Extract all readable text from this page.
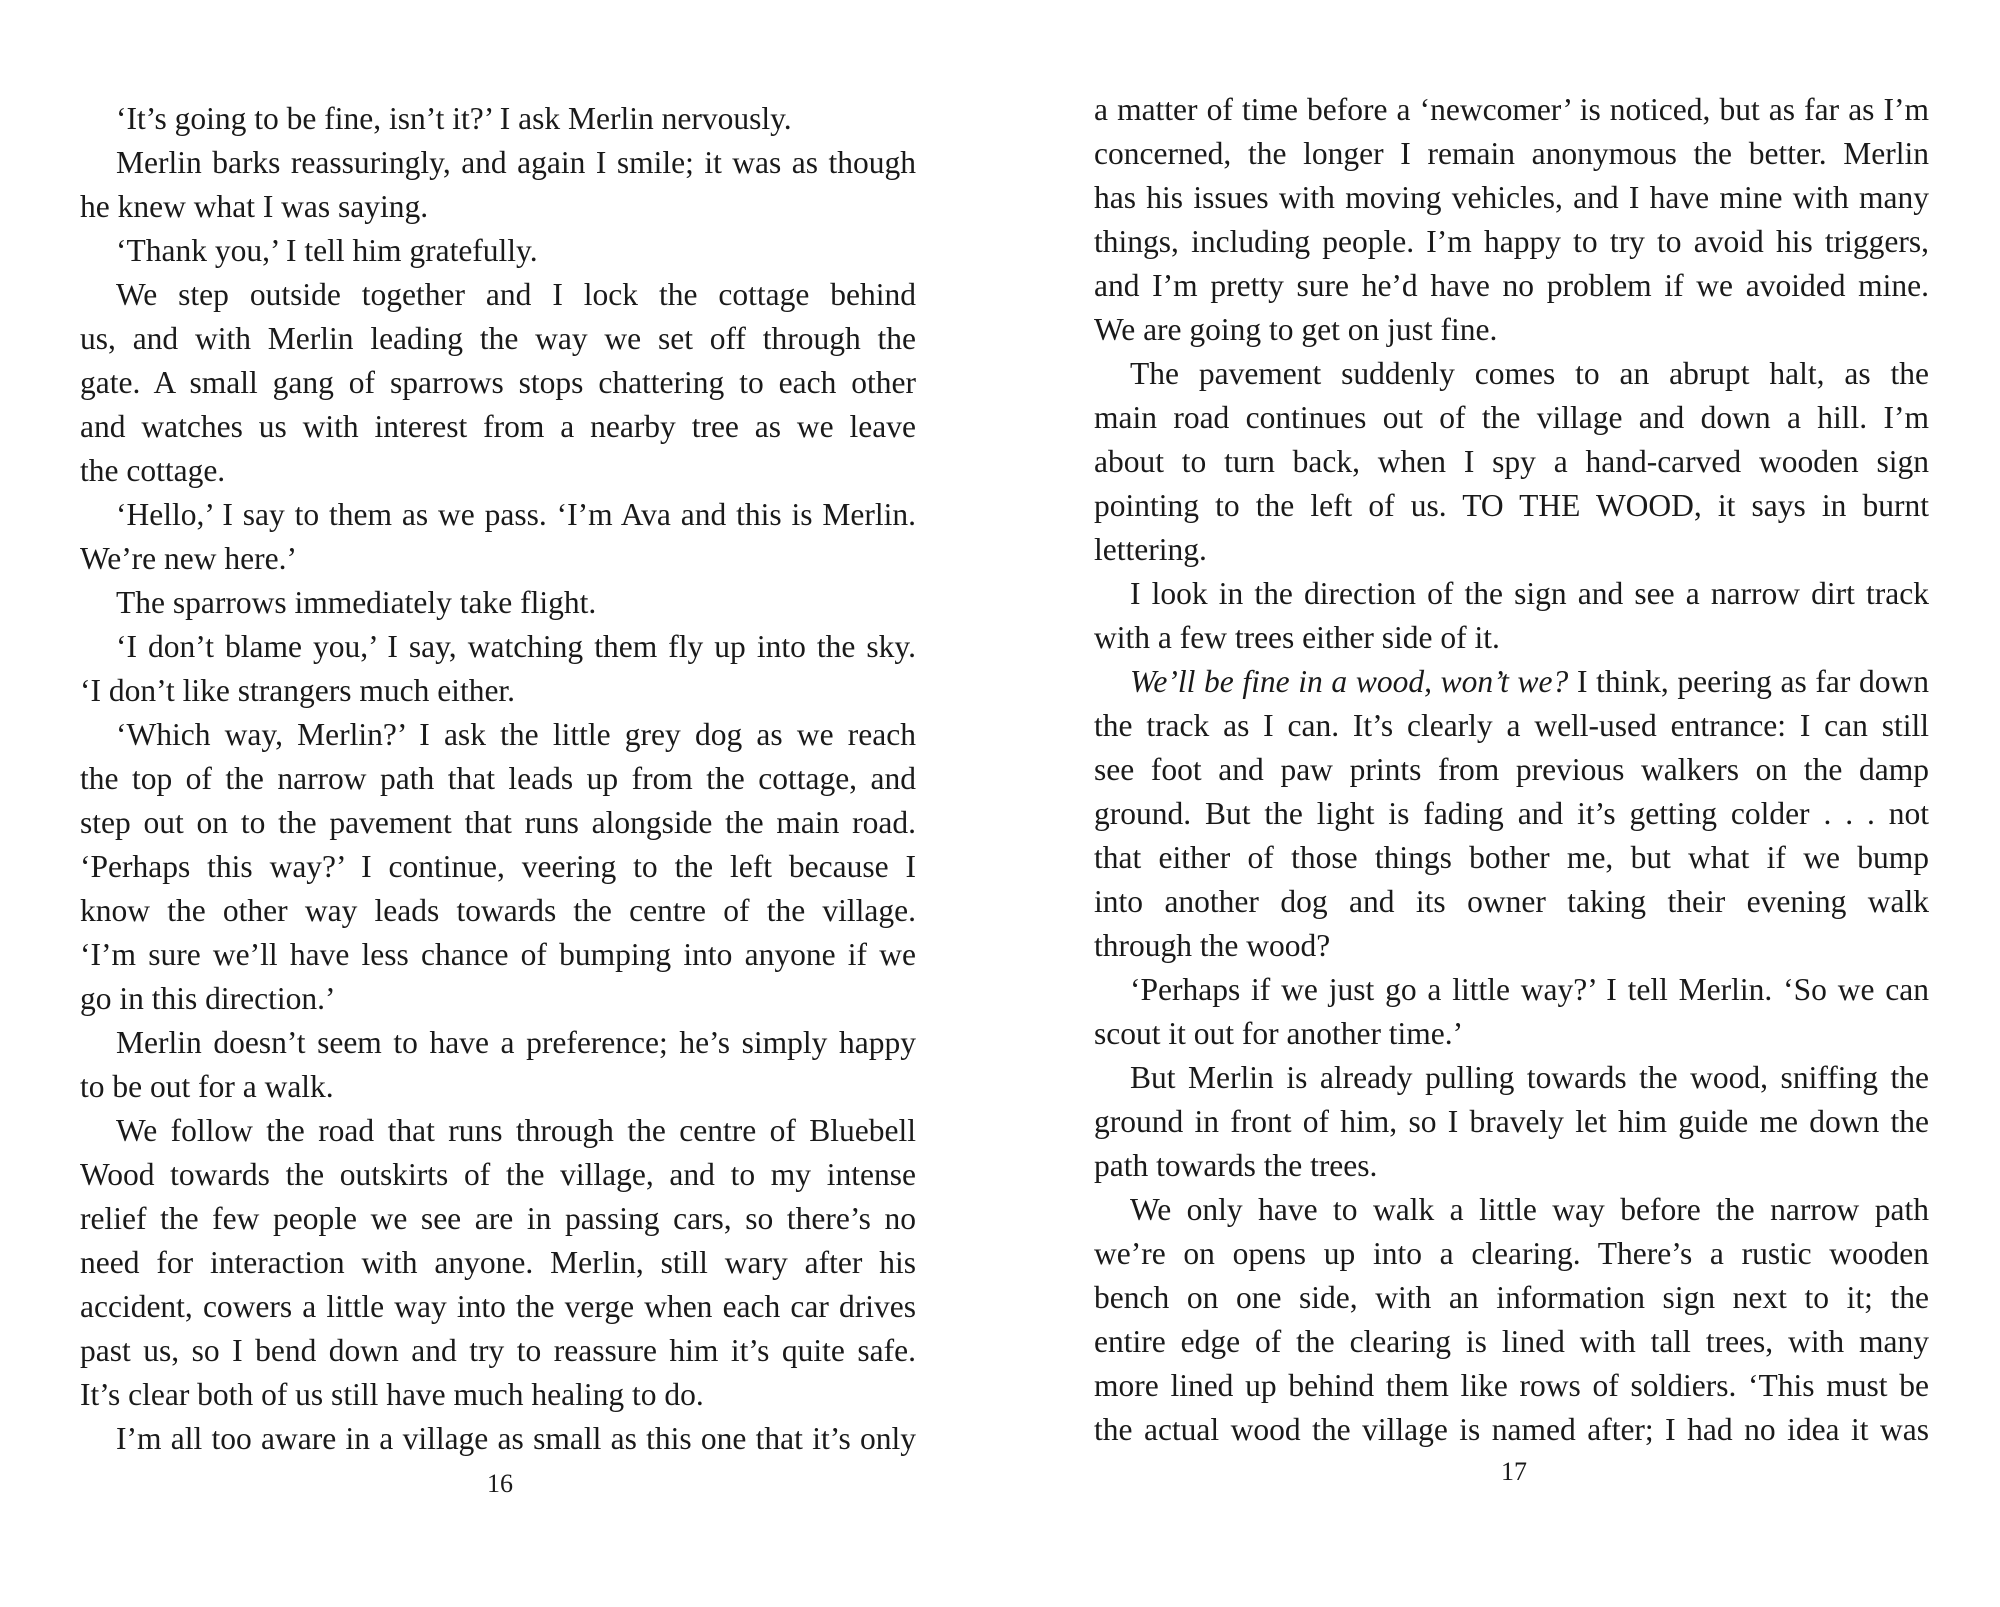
‘It’s going to be fine, isn’t it?’ I ask Merlin nervously.
Merlin barks reassuringly, and again I smile; it was as though
he knew what I was saying.
‘Thank you,’ I tell him gratefully.
We step outside together and I lock the cottage behind
us, and with Merlin leading the way we set off through the
gate. A small gang of sparrows stops chattering to each other
and watches us with interest from a nearby tree as we leave
the cottage.
‘Hello,’ I say to them as we pass. ‘I’m Ava and this is Merlin.
We’re new here.’
The sparrows immediately take flight.
‘I don’t blame you,’ I say, watching them fly up into the sky.
‘I don’t like strangers much either.
‘Which way, Merlin?’ I ask the little grey dog as we reach
the top of the narrow path that leads up from the cottage, and
step out on to the pavement that runs alongside the main road.
‘Perhaps this way?’ I continue, veering to the left because I
know the other way leads towards the centre of the village.
‘I’m sure we’ll have less chance of bumping into anyone if we
go in this direction.’
Merlin doesn’t seem to have a preference; he’s simply happy
to be out for a walk.
We follow the road that runs through the centre of Bluebell
Wood towards the outskirts of the village, and to my intense
relief the few people we see are in passing cars, so there’s no
need for interaction with anyone. Merlin, still wary after his
accident, cowers a little way into the verge when each car drives
past us, so I bend down and try to reassure him it’s quite safe.
It’s clear both of us still have much healing to do.
I’m all too aware in a village as small as this one that it’s only
16
a matter of time before a ‘newcomer’ is noticed, but as far as I’m
concerned, the longer I remain anonymous the better. Merlin
has his issues with moving vehicles, and I have mine with many
things, including people. I’m happy to try to avoid his triggers,
and I’m pretty sure he’d have no problem if we avoided mine.
We are going to get on just fine.
The pavement suddenly comes to an abrupt halt, as the
main road continues out of the village and down a hill. I’m
about to turn back, when I spy a hand-carved wooden sign
pointing to the left of us. TO THE WOOD, it says in burnt
lettering.
I look in the direction of the sign and see a narrow dirt track
with a few trees either side of it.
We’ll be fine in a wood, won’t we? I think, peering as far down
the track as I can. It’s clearly a well-used entrance: I can still
see foot and paw prints from previous walkers on the damp
ground. But the light is fading and it’s getting colder . . . not
that either of those things bother me, but what if we bump
into another dog and its owner taking their evening walk
through the wood?
‘Perhaps if we just go a little way?’ I tell Merlin. ‘So we can
scout it out for another time.’
But Merlin is already pulling towards the wood, sniffing the
ground in front of him, so I bravely let him guide me down the
path towards the trees.
We only have to walk a little way before the narrow path
we’re on opens up into a clearing. There’s a rustic wooden
bench on one side, with an information sign next to it; the
entire edge of the clearing is lined with tall trees, with many
more lined up behind them like rows of soldiers. ‘This must be
the actual wood the village is named after; I had no idea it was
17
